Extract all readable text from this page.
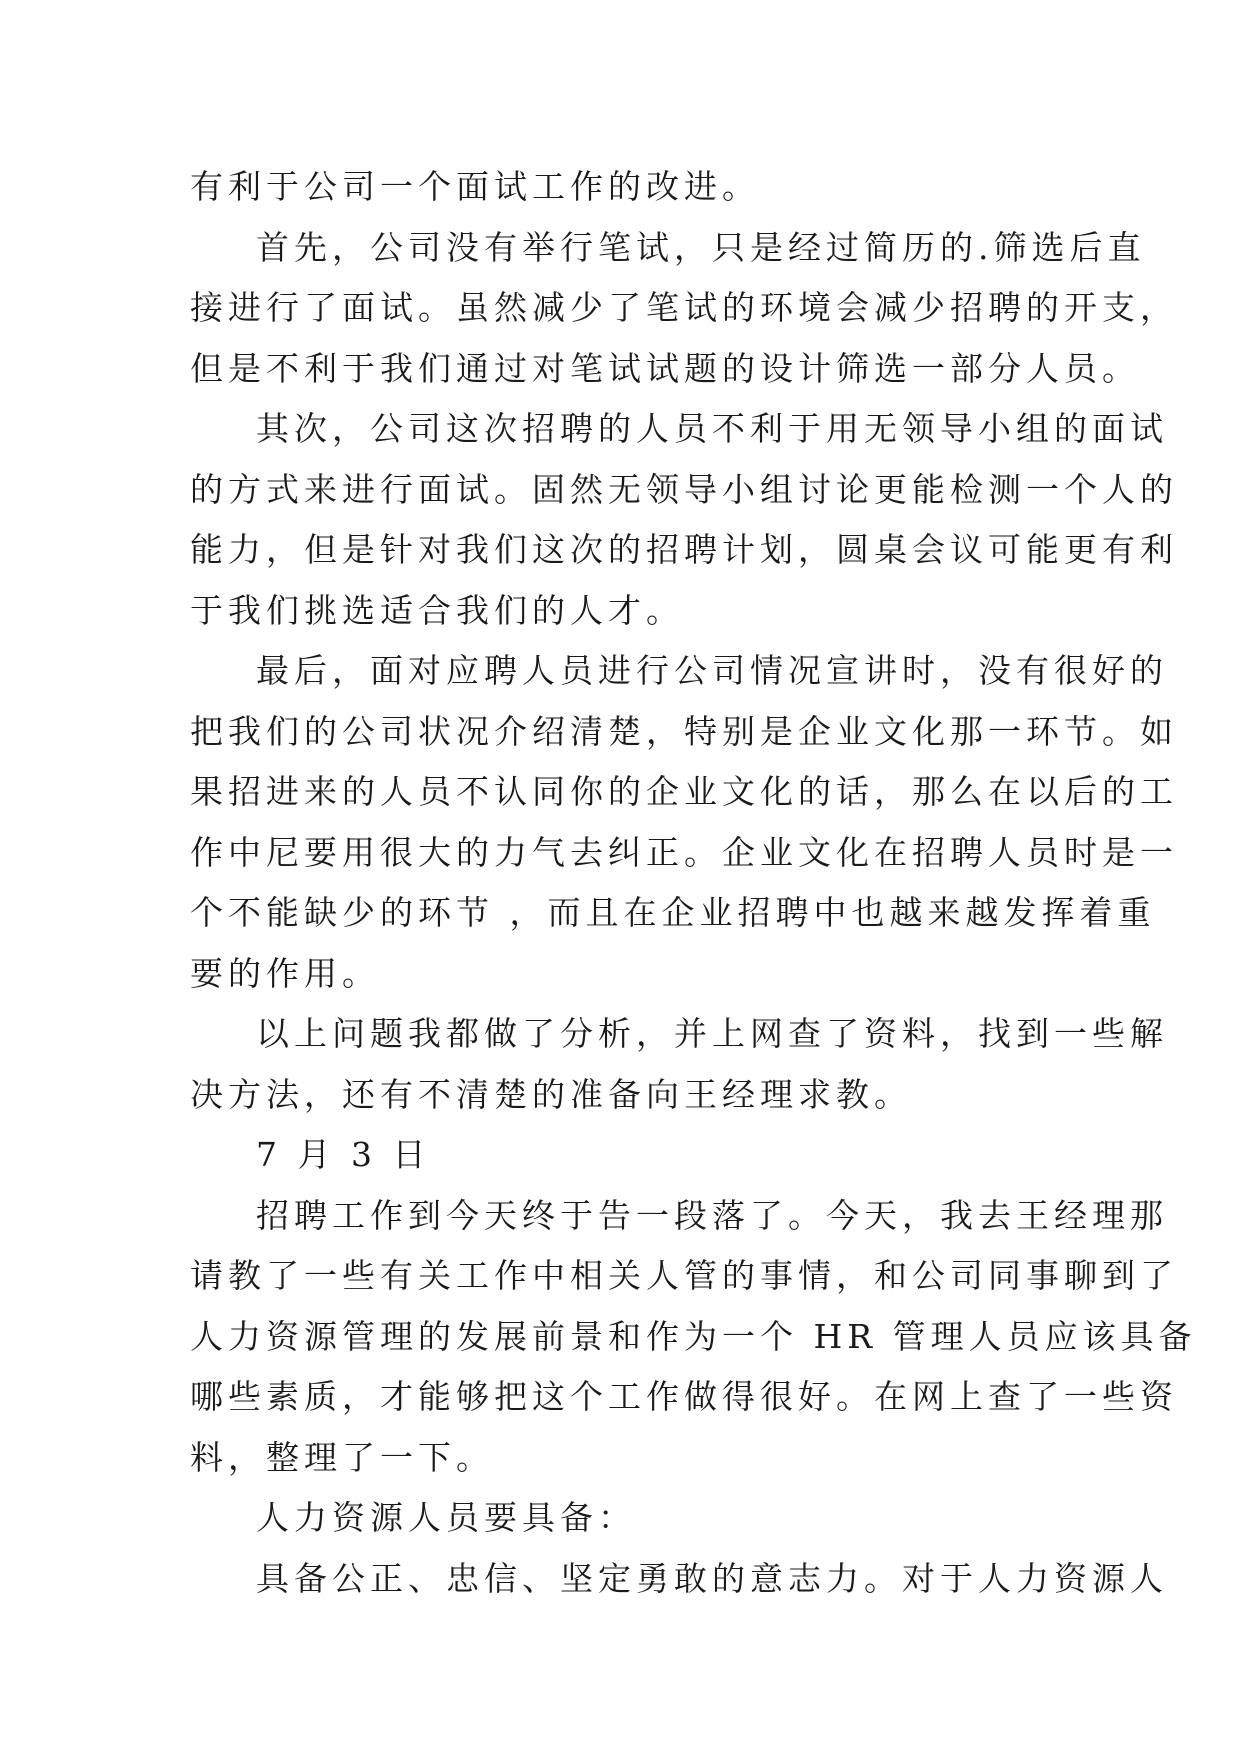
有利于公司一个面试工作的改进。
首先，公司没有举行笔试，只是经过简历的.筛选后直
接进行了面试。虽然减少了笔试的环境会减少招聘的开支，
但是不利于我们通过对笔试试题的设计筛选一部分人员。
其次，公司这次招聘的人员不利于用无领导小组的面试
的方式来进行面试。固然无领导小组讨论更能检测一个人的
能力，但是针对我们这次的招聘计划，圆桌会议可能更有利
于我们挑选适合我们的人才。
最后，面对应聘人员进行公司情况宣讲时，没有很好的
把我们的公司状况介绍清楚，特别是企业文化那一环节。如
果招进来的人员不认同你的企业文化的话，那么在以后的工
作中尼要用很大的力气去纠正。企业文化在招聘人员时是一
个不能缺少的环节 ，而且在企业招聘中也越来越发挥着重
要的作用。
以上问题我都做了分析，并上网查了资料，找到一些解
决方法，还有不清楚的准备向王经理求教。
7 月 3 日
招聘工作到今天终于告一段落了。今天，我去王经理那
请教了一些有关工作中相关人管的事情，和公司同事聊到了
人力资源管理的发展前景和作为一个 HR 管理人员应该具备
哪些素质，才能够把这个工作做得很好。在网上查了一些资
料，整理了一下。
人力资源人员要具备：
具备公正、忠信、坚定勇敢的意志力。对于人力资源人
